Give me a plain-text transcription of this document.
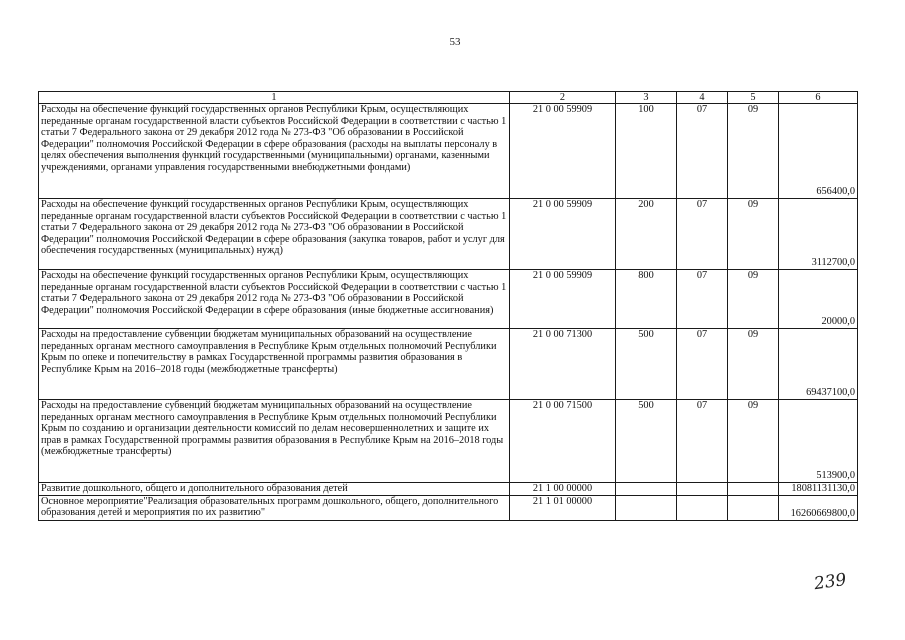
53
1	2	3	4	5	6
Расходы на обеспечение функций государственных органов Республики Крым, осуществляющих переданные органам государственной власти субъектов Российской Федерации в соответствии с частью 1 статьи 7 Федерального закона от 29 декабря 2012 года № 273-ФЗ "Об образовании в Российской Федерации" полномочия Российской Федерации в сфере образования (расходы на выплаты персоналу в целях обеспечения выполнения функций государственными (муниципальными) органами, казенными учреждениями, органами управления государственными внебюджетными фондами)	21 0 00 59909	100	07	09	656400,0
Расходы на обеспечение функций государственных органов Республики Крым, осуществляющих переданные органам государственной власти субъектов Российской Федерации в соответствии с частью 1 статьи 7 Федерального закона от 29 декабря 2012 года № 273-ФЗ "Об образовании в Российской Федерации" полномочия Российской Федерации в сфере образования (закупка товаров, работ и услуг для обеспечения государственных (муниципальных) нужд)	21 0 00 59909	200	07	09	3112700,0
Расходы на обеспечение функций государственных органов Республики Крым, осуществляющих переданные органам государственной власти субъектов Российской Федерации в соответствии с частью 1 статьи 7 Федерального закона от 29 декабря 2012 года № 273-ФЗ "Об образовании в Российской Федерации" полномочия Российской Федерации в сфере образования (иные бюджетные ассигнования)	21 0 00 59909	800	07	09	20000,0
Расходы на предоставление субвенции бюджетам муниципальных образований на осуществление переданных органам местного самоуправления в Республике Крым отдельных полномочий Республики Крым по опеке и попечительству в рамках Государственной программы развития образования в Республике Крым на 2016–2018 годы (межбюджетные трансферты)	21 0 00 71300	500	07	09	69437100,0
Расходы на предоставление субвенций бюджетам муниципальных образований на осуществление переданных органам местного самоуправления в Республике Крым отдельных полномочий Республики Крым по созданию и организации деятельности комиссий по делам несовершеннолетних и защите их прав в рамках Государственной программы развития образования в Республике Крым на 2016–2018 годы (межбюджетные трансферты)	21 0 00 71500	500	07	09	513900,0
Развитие дошкольного, общего и дополнительного образования детей	21 1 00 00000				18081131130,0
Основное мероприятие"Реализация образовательных программ дошкольного, общего, дополнительного образования детей и мероприятия по их развитию"	21 1 01 00000				16260669800,0
239
